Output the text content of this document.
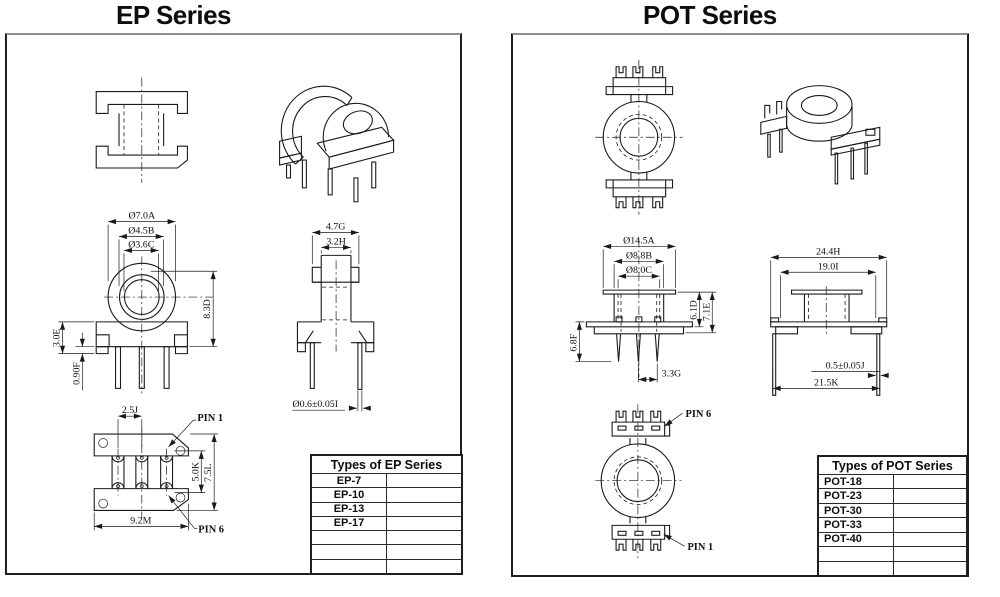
EP Series	POT Series
Ø7.0A
Ø4.5B
Ø3.6C
8.3D
3.0E
0.90F
4.7G
3.2H
Ø0.6±0.05I
2.5J
PIN 1
5.0K 7.5L
9.2M
PIN 6
Ø14.5A
Ø8.8B
Ø8.0C
6.1D 7.1E
6.8F
3.3G
24.4H
19.0I
0.5±0.05J
21.5K
PIN 6
PIN 1
Types of EP Series
EP-7
EP-10
EP-13
EP-17
Types of POT Series
POT-18
POT-23
POT-30
POT-33
POT-40
